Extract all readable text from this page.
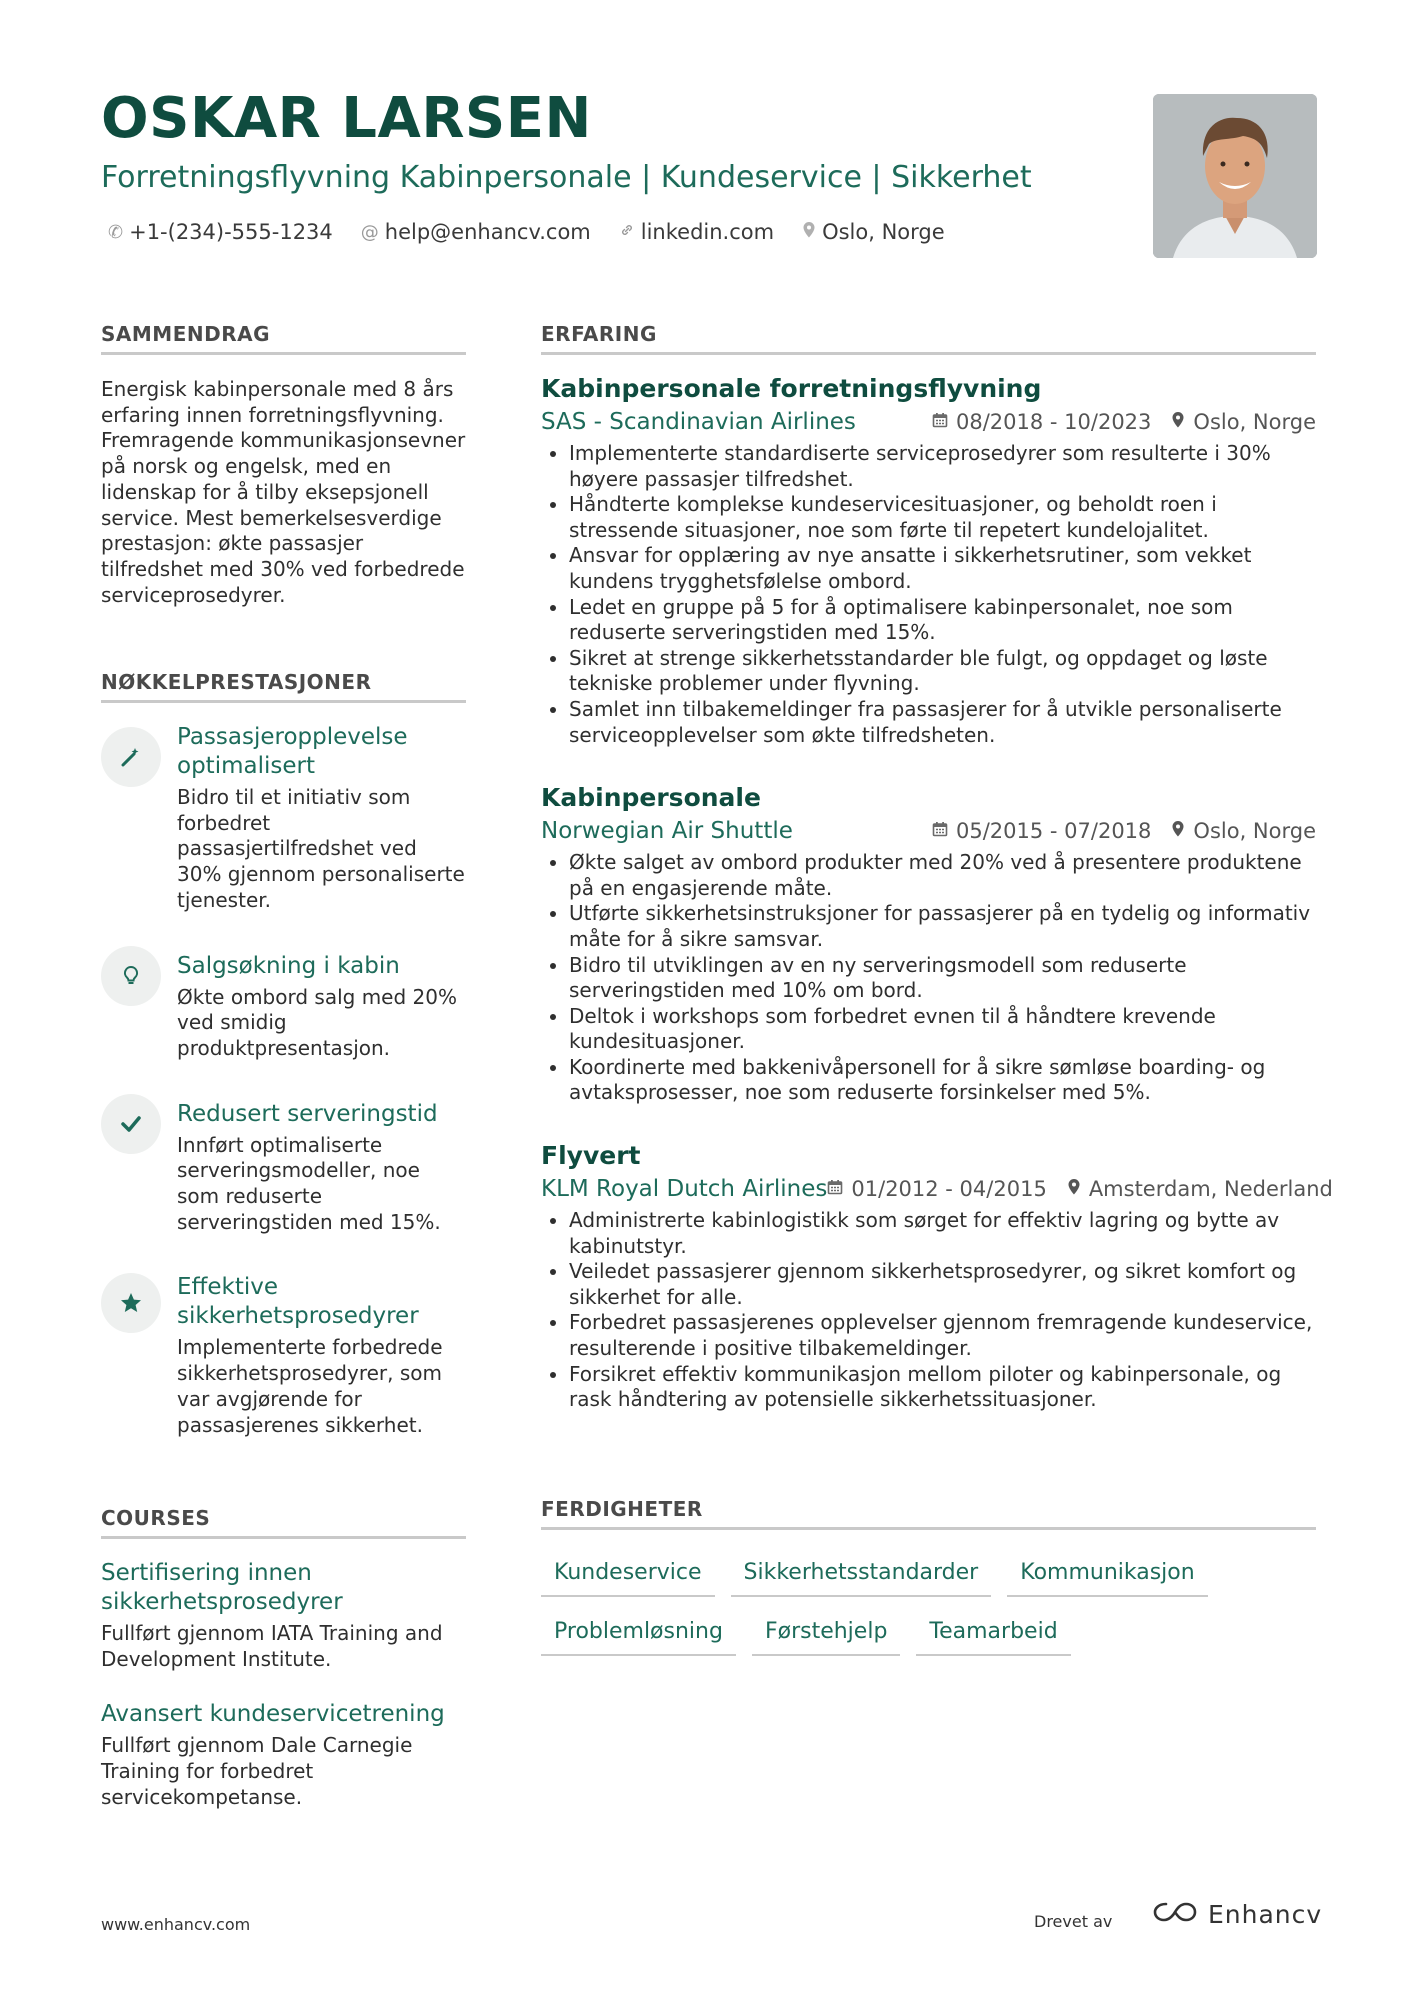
OSKAR LARSEN
Forretningsflyvning Kabinpersonale | Kundeservice | Sikkerhet
✆ +1-(234)-555-1234 @ help@enhancv.com linkedin.com Oslo, Norge
SAMMENDRAG
Energisk kabinpersonale med 8 års erfaring innen forretningsflyvning. Fremragende kommunikasjonsevner på norsk og engelsk, med en lidenskap for å tilby eksepsjonell service. Mest bemerkelsesverdige prestasjon: økte passasjer tilfredshet med 30% ved forbedrede serviceprosedyrer.
NØKKELPRESTASJONER
Passasjeropplevelse optimalisert
Bidro til et initiativ som forbedret passasjertilfredshet ved 30% gjennom personaliserte tjenester.
Salgsøkning i kabin
Økte ombord salg med 20% ved smidig produktpresentasjon.
Redusert serveringstid
Innført optimaliserte serveringsmodeller, noe som reduserte serveringstiden med 15%.
Effektive sikkerhetsprosedyrer
Implementerte forbedrede sikkerhetsprosedyrer, som var avgjørende for passasjerenes sikkerhet.
COURSES
Sertifisering innen sikkerhetsprosedyrer
Fullført gjennom IATA Training and Development Institute.
Avansert kundeservicetrening
Fullført gjennom Dale Carnegie Training for forbedret servicekompetanse.
ERFARING
Kabinpersonale forretningsflyvning
SAS - Scandinavian Airlines	08/2018 - 10/2023 Oslo, Norge
• Implementerte standardiserte serviceprosedyrer som resulterte i 30% høyere passasjer tilfredshet.
• Håndterte komplekse kundeservicesituasjoner, og beholdt roen i stressende situasjoner, noe som førte til repetert kundelojalitet.
• Ansvar for opplæring av nye ansatte i sikkerhetsrutiner, som vekket kundens trygghetsfølelse ombord.
• Ledet en gruppe på 5 for å optimalisere kabinpersonalet, noe som reduserte serveringstiden med 15%.
• Sikret at strenge sikkerhetsstandarder ble fulgt, og oppdaget og løste tekniske problemer under flyvning.
• Samlet inn tilbakemeldinger fra passasjerer for å utvikle personaliserte serviceopplevelser som økte tilfredsheten.
Kabinpersonale
Norwegian Air Shuttle	05/2015 - 07/2018 Oslo, Norge
• Økte salget av ombord produkter med 20% ved å presentere produktene på en engasjerende måte.
• Utførte sikkerhetsinstruksjoner for passasjerer på en tydelig og informativ måte for å sikre samsvar.
• Bidro til utviklingen av en ny serveringsmodell som reduserte serveringstiden med 10% om bord.
• Deltok i workshops som forbedret evnen til å håndtere krevende kundesituasjoner.
• Koordinerte med bakkenivåpersonell for å sikre sømløse boarding- og avtaksprosesser, noe som reduserte forsinkelser med 5%.
Flyvert
KLM Royal Dutch Airlines 01/2012 - 04/2015 Amsterdam, Nederland
• Administrerte kabinlogistikk som sørget for effektiv lagring og bytte av kabinutstyr.
• Veiledet passasjerer gjennom sikkerhetsprosedyrer, og sikret komfort og sikkerhet for alle.
• Forbedret passasjerenes opplevelser gjennom fremragende kundeservice, resulterende i positive tilbakemeldinger.
• Forsikret effektiv kommunikasjon mellom piloter og kabinpersonale, og rask håndtering av potensielle sikkerhetssituasjoner.
FERDIGHETER
Kundeservice	Sikkerhetsstandarder	Kommunikasjon
Problemløsning	Førstehjelp	Teamarbeid
www.enhancv.com	Drevet av	Enhancv
